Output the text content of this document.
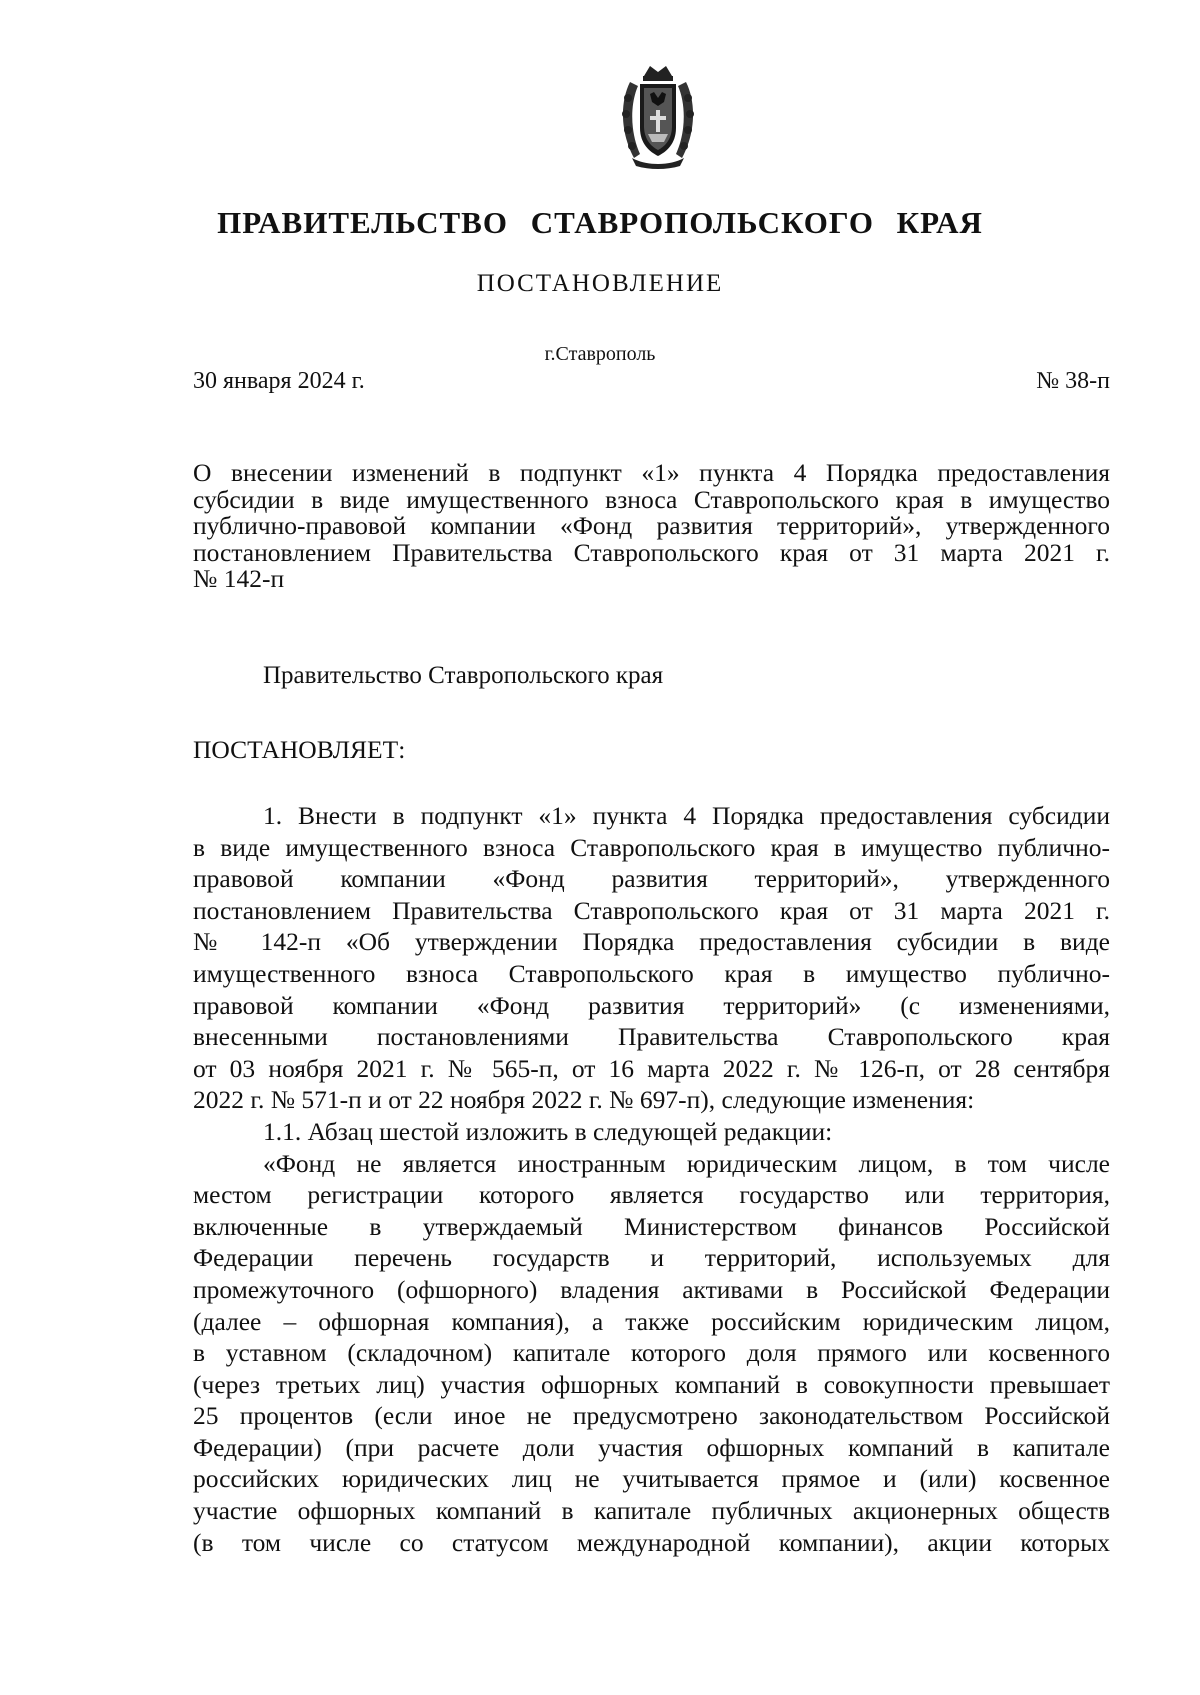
ПРАВИТЕЛЬСТВО СТАВРОПОЛЬСКОГО КРАЯ
ПОСТАНОВЛЕНИЕ
г.Ставрополь
30 января 2024 г.	№ 38-п
О внесении изменений в подпункт «1» пункта 4 Порядка предоставления
субсидии в виде имущественного взноса Ставропольского края в имущество
публично-правовой компании «Фонд развития территорий», утвержденного
постановлением Правительства Ставропольского края от 31 марта 2021 г.
№ 142-п
Правительство Ставропольского края
ПОСТАНОВЛЯЕТ:
1. Внести в подпункт «1» пункта 4 Порядка предоставления субсидии
в виде имущественного взноса Ставропольского края в имущество публично-
правовой компании «Фонд развития территорий», утвержденного
постановлением Правительства Ставропольского края от 31 марта 2021 г.
№ 142-п «Об утверждении Порядка предоставления субсидии в виде
имущественного взноса Ставропольского края в имущество публично-
правовой компании «Фонд развития территорий» (с изменениями,
внесенными постановлениями Правительства Ставропольского края
от 03 ноября 2021 г. № 565-п, от 16 марта 2022 г. № 126-п, от 28 сентября
2022 г. № 571-п и от 22 ноября 2022 г. № 697-п), следующие изменения:
1.1. Абзац шестой изложить в следующей редакции:
«Фонд не является иностранным юридическим лицом, в том числе
местом регистрации которого является государство или территория,
включенные в утверждаемый Министерством финансов Российской
Федерации перечень государств и территорий, используемых для
промежуточного (офшорного) владения активами в Российской Федерации
(далее – офшорная компания), а также российским юридическим лицом,
в уставном (складочном) капитале которого доля прямого или косвенного
(через третьих лиц) участия офшорных компаний в совокупности превышает
25 процентов (если иное не предусмотрено законодательством Российской
Федерации) (при расчете доли участия офшорных компаний в капитале
российских юридических лиц не учитывается прямое и (или) косвенное
участие офшорных компаний в капитале публичных акционерных обществ
(в том числе со статусом международной компании), акции которых
